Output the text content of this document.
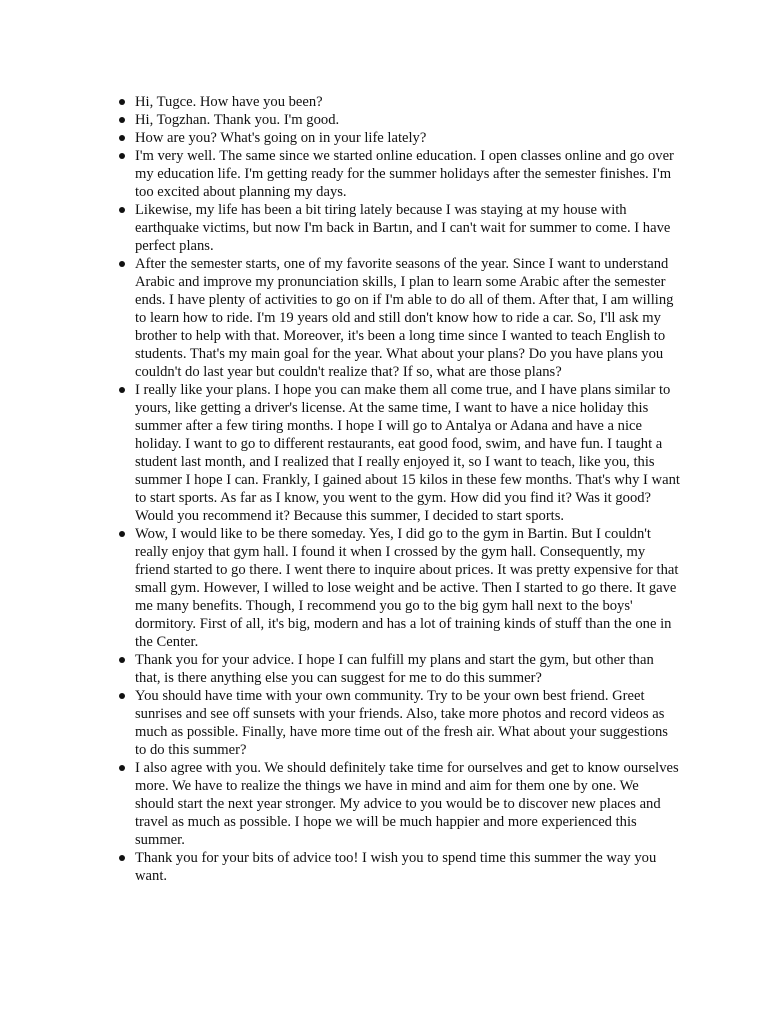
Hi, Tugce. How have you been?
Hi, Togzhan. Thank you. I'm good.
How are you? What's going on in your life lately?
I'm very well. The same since we started online education. I open classes online and go over my education life. I'm getting ready for the summer holidays after the semester finishes. I'm too excited about planning my days.
Likewise, my life has been a bit tiring lately because I was staying at my house with earthquake victims, but now I'm back in Bartın, and I can't wait for summer to come. I have perfect plans.
After the semester starts, one of my favorite seasons of the year. Since I want to understand Arabic and improve my pronunciation skills, I plan to learn some Arabic after the semester ends. I have plenty of activities to go on if I'm able to do all of them. After that, I am willing to learn how to ride. I'm 19 years old and still don't know how to ride a car. So, I'll ask my brother to help with that. Moreover, it's been a long time since I wanted to teach English to students. That's my main goal for the year. What about your plans? Do you have plans you couldn't do last year but couldn't realize that? If so, what are those plans?
I really like your plans. I hope you can make them all come true, and I have plans similar to yours, like getting a driver's license. At the same time, I want to have a nice holiday this summer after a few tiring months. I hope I will go to Antalya or Adana and have a nice holiday. I want to go to different restaurants, eat good food, swim, and have fun. I taught a student last month, and I realized that I really enjoyed it, so I want to teach, like you, this summer I hope I can. Frankly, I gained about 15 kilos in these few months. That's why I want to start sports. As far as I know, you went to the gym. How did you find it? Was it good? Would you recommend it? Because this summer, I decided to start sports.
Wow, I would like to be there someday. Yes, I did go to the gym in Bartin. But I couldn't really enjoy that gym hall. I found it when I crossed by the gym hall. Consequently, my friend started to go there. I went there to inquire about prices. It was pretty expensive for that small gym. However, I willed to lose weight and be active. Then I started to go there. It gave me many benefits. Though, I recommend you go to the big gym hall next to the boys' dormitory. First of all, it's big, modern and has a lot of training kinds of stuff than the one in the Center.
Thank you for your advice. I hope I can fulfill my plans and start the gym, but other than that, is there anything else you can suggest for me to do this summer?
You should have time with your own community. Try to be your own best friend. Greet sunrises and see off sunsets with your friends. Also, take more photos and record videos as much as possible. Finally, have more time out of the fresh air. What about your suggestions to do this summer?
I also agree with you. We should definitely take time for ourselves and get to know ourselves more. We have to realize the things we have in mind and aim for them one by one. We should start the next year stronger. My advice to you would be to discover new places and travel as much as possible. I hope we will be much happier and more experienced this summer.
Thank you for your bits of advice too! I wish you to spend time this summer the way you want.
